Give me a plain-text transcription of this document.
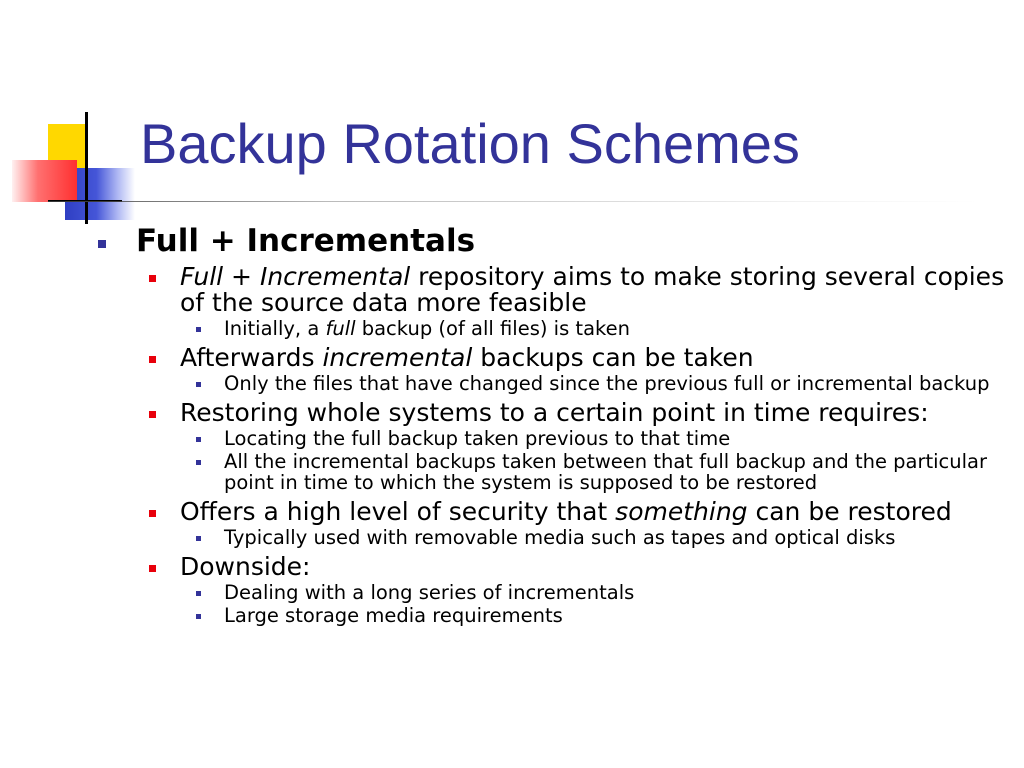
Backup Rotation Schemes
Full + Incrementals
Full + Incremental repository aims to make storing several copies of the source data more feasible
Initially, a full backup (of all files) is taken
Afterwards incremental backups can be taken
Only the files that have changed since the previous full or incremental backup
Restoring whole systems to a certain point in time requires:
Locating the full backup taken previous to that time
All the incremental backups taken between that full backup and the particular point in time to which the system is supposed to be restored
Offers a high level of security that something can be restored
Typically used with removable media such as tapes and optical disks
Downside:
Dealing with a long series of incrementals
Large storage media requirements
